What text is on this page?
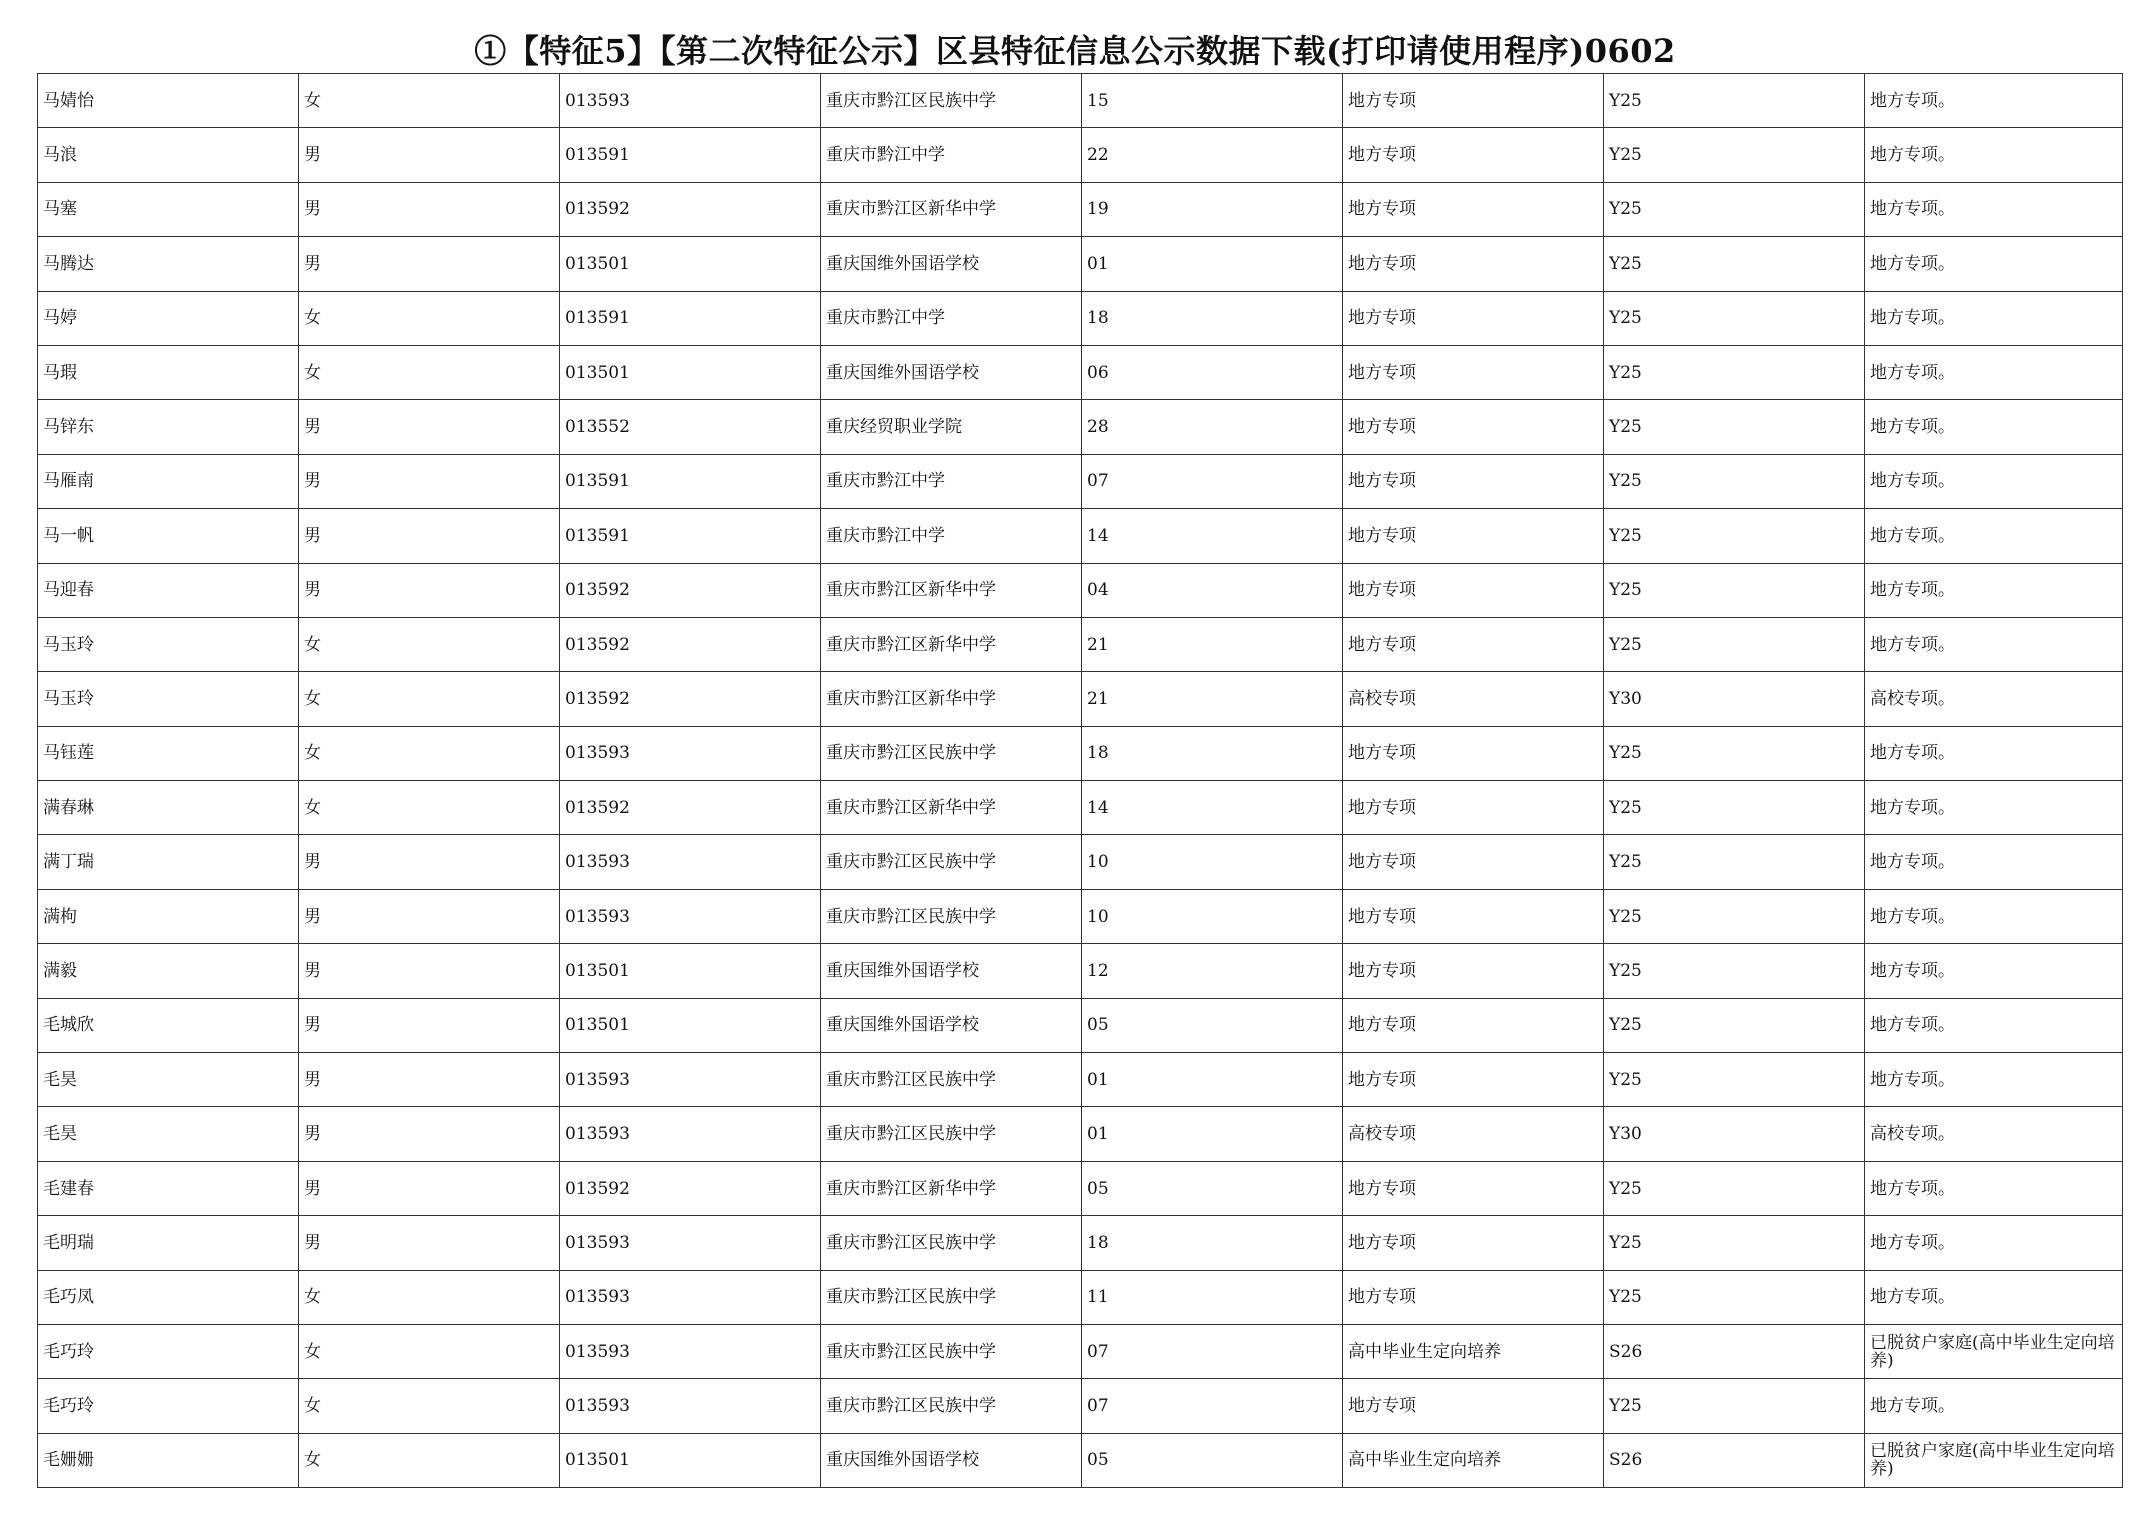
①【特征5】【第二次特征公示】区县特征信息公示数据下载(打印请使用程序)0602
马婧怡	女	013593	重庆市黔江区民族中学	15	地方专项	Y25	地方专项。
马浪	男	013591	重庆市黔江中学	22	地方专项	Y25	地方专项。
马塞	男	013592	重庆市黔江区新华中学	19	地方专项	Y25	地方专项。
马腾达	男	013501	重庆国维外国语学校	01	地方专项	Y25	地方专项。
马婷	女	013591	重庆市黔江中学	18	地方专项	Y25	地方专项。
马瑕	女	013501	重庆国维外国语学校	06	地方专项	Y25	地方专项。
马锌东	男	013552	重庆经贸职业学院	28	地方专项	Y25	地方专项。
马雁南	男	013591	重庆市黔江中学	07	地方专项	Y25	地方专项。
马一帆	男	013591	重庆市黔江中学	14	地方专项	Y25	地方专项。
马迎春	男	013592	重庆市黔江区新华中学	04	地方专项	Y25	地方专项。
马玉玲	女	013592	重庆市黔江区新华中学	21	地方专项	Y25	地方专项。
马玉玲	女	013592	重庆市黔江区新华中学	21	高校专项	Y30	高校专项。
马钰莲	女	013593	重庆市黔江区民族中学	18	地方专项	Y25	地方专项。
满春琳	女	013592	重庆市黔江区新华中学	14	地方专项	Y25	地方专项。
满丁瑞	男	013593	重庆市黔江区民族中学	10	地方专项	Y25	地方专项。
满枸	男	013593	重庆市黔江区民族中学	10	地方专项	Y25	地方专项。
满毅	男	013501	重庆国维外国语学校	12	地方专项	Y25	地方专项。
毛城欣	男	013501	重庆国维外国语学校	05	地方专项	Y25	地方专项。
毛昊	男	013593	重庆市黔江区民族中学	01	地方专项	Y25	地方专项。
毛昊	男	013593	重庆市黔江区民族中学	01	高校专项	Y30	高校专项。
毛建春	男	013592	重庆市黔江区新华中学	05	地方专项	Y25	地方专项。
毛明瑞	男	013593	重庆市黔江区民族中学	18	地方专项	Y25	地方专项。
毛巧凤	女	013593	重庆市黔江区民族中学	11	地方专项	Y25	地方专项。
毛巧玲	女	013593	重庆市黔江区民族中学	07	高中毕业生定向培养	S26	已脱贫户家庭(高中毕业生定向培养)
毛巧玲	女	013593	重庆市黔江区民族中学	07	地方专项	Y25	地方专项。
毛姗姗	女	013501	重庆国维外国语学校	05	高中毕业生定向培养	S26	已脱贫户家庭(高中毕业生定向培养)
